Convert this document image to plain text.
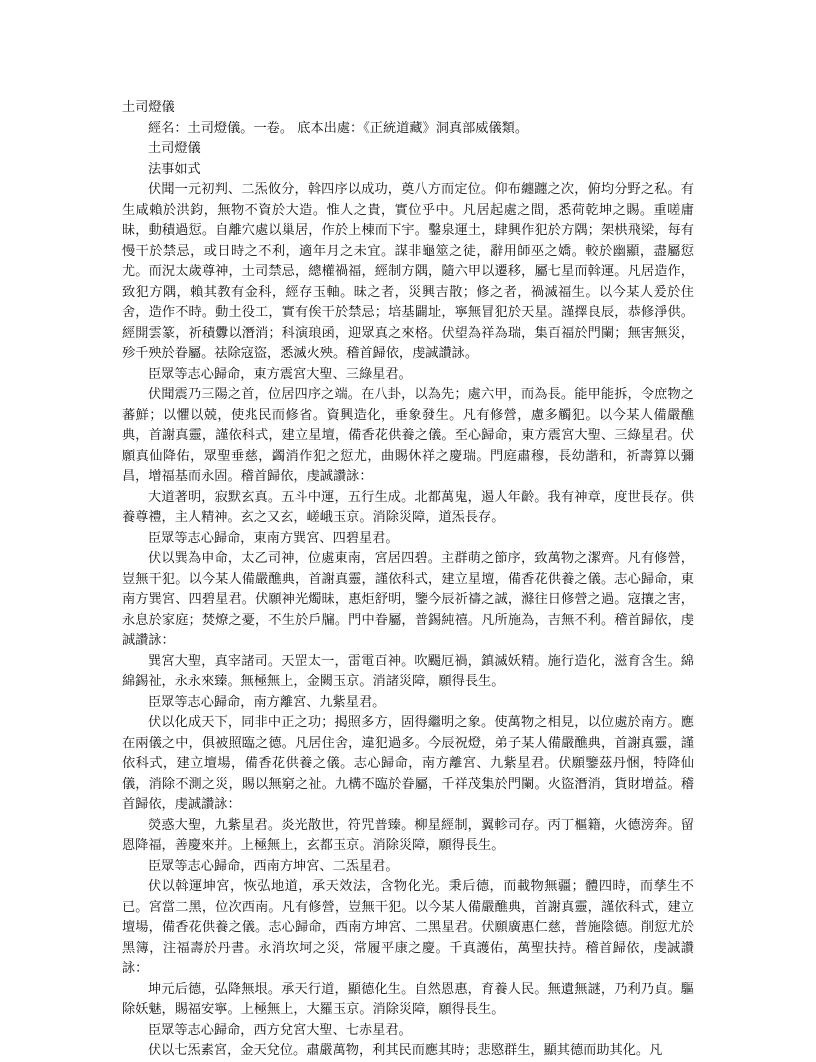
土司燈儀
經名：土司燈儀。一卷。 底本出處：《正統道藏》洞真部威儀類。
土司燈儀
法事如式
伏聞一元初判、二炁攸分，斡四序以成功，奠八方而定位。仰布纏躔之次，俯均分野之私。有生咸賴於洪鈞，無物不資於大造。惟人之貴，實位乎中。凡居起處之間，悉荷乾坤之賜。重嗟庸昧，動積過愆。自離穴處以巢居，作於上棟而下宇。鑿泉運土，肆興作犯於方隅；架栱飛梁，每有慢干於禁忌，或日時之不利，適年月之未宜。謀非龜筮之徒，辭用師巫之嬌。較於幽顯，盡屬愆尤。而況太歲尊神，土司禁忌，總權禍福，經制方隅，隨六甲以遷移，屬七星而斡運。凡居造作，致犯方隅，賴其教有金科，經存玉軸。昧之者，災興吉散；修之者，禍滅福生。以今某人爰於住舍，造作不時。動土役工，實有俟干於禁忌；培基闢址，寧無冒犯於天星。謹擇良辰，恭修淨供。經開雲篆，祈積釁以潛消；科演琅函，迎眾真之來格。伏望為祥為瑞，集百福於門闌；無害無災，殄千殃於眷屬。祛除寇盜，悉滅火殃。稽首歸依，虔誠讚詠。
臣眾等志心歸命，東方震宮大聖、三綠星君。
伏聞震乃三陽之首，位居四序之端。在八卦，以為先；處六甲，而為長。能甲能拆，令庶物之蕃鮮；以懼以兢，使兆民而修省。資興造化，垂象發生。凡有修營，慮多觸犯。以今某人備嚴醮典，首謝真靈，謹依科式，建立星壇，備香花供養之儀。至心歸命，東方震宮大聖、三綠星君。伏願真仙降佑，眾聖垂慈，蠲消作犯之愆尤，曲賜休祥之慶瑞。門庭肅穆，長幼諧和，祈壽算以彌昌，增福基而永固。稽首歸依，虔誠讚詠：
大道著明，寂默玄真。五斗中運，五行生成。北都萬鬼，遏人年齡。我有神章，度世長存。供養尊禮，主人精神。玄之又玄，嵯峨玉京。消除災障，道炁長存。
臣眾等志心歸命，東南方巽宮、四碧星君。
伏以巽為申命，太乙司神，位處東南，宮居四碧。主群萌之節序，致萬物之潔齊。凡有修營，豈無干犯。以今某人備嚴醮典，首謝真靈，謹依科式，建立星壇，備香花供養之儀。志心歸命，東南方巽宮、四碧星君。伏願神光燭昧，惠炬舒明，鑒今辰祈禱之誠，滌往日修營之過。寇攘之害，永息於家庭；焚燎之憂，不生於戶牖。門中眷屬，普錫純禧。凡所施為，吉無不利。稽首歸依，虔誠讚詠：
巽宮大聖，真宰諸司。天罡太一，雷電百神。吹颺厄禍，鎮滅妖精。施行造化，滋育含生。綿綿錫祉，永永來臻。無極無上，金闕玉京。消諸災障，願得長生。
臣眾等志心歸命，南方離宮、九紫星君。
伏以化成天下，同非中正之功；揭照多方，固得繼明之象。使萬物之相見，以位處於南方。應在兩儀之中，俱被照臨之德。凡居住舍，違犯過多。今辰祝燈，弟子某人備嚴醮典，首謝真靈，謹依科式，建立壇場，備香花供養之儀。志心歸命，南方離宮、九紫星君。伏願鑒茲丹悃，特降仙儀，消除不測之災，賜以無窮之祉。九構不臨於眷屬，千祥茂集於門闌。火盜潛消，貨財增益。稽首歸依，虔誠讚詠：
熒惑大聖，九紫星君。炎光散世，符咒普臻。柳星經制，翼軫司存。丙丁樞籍，火德滂奔。留恩降福，善慶來并。上極無上，玄都玉京。消除災障，願得長生。
臣眾等志心歸命，西南方坤宮、二炁星君。
伏以斡運坤宮，恢弘地道，承天效法，含物化光。秉后德，而載物無疆；體四時，而孳生不已。宮當二黑，位次西南。凡有修營，豈無干犯。以今某人備嚴醮典，首謝真靈，謹依科式，建立壇場，備香花供養之儀。志心歸命，西南方坤宮、二黑星君。伏願廣惠仁慈，普施陰德。削愆尤於黑簿，注福壽於丹書。永消坎坷之災，常履平康之慶。千真護佑，萬聖扶持。稽首歸依，虔誠讚詠：
坤元后德，弘降無垠。承天行道，顯德化生。自然恩惠，育養人民。無遺無謎，乃利乃貞。驅除妖魅，賜福安寧。上極無上，大羅玉京。消除災障，願得長生。
臣眾等志心歸命，西方兌宮大聖、七赤星君。
伏以七炁素宮，金天兌位。肅嚴萬物，利其民而應其時；悲愍群生，顯其德而助其化。凡
